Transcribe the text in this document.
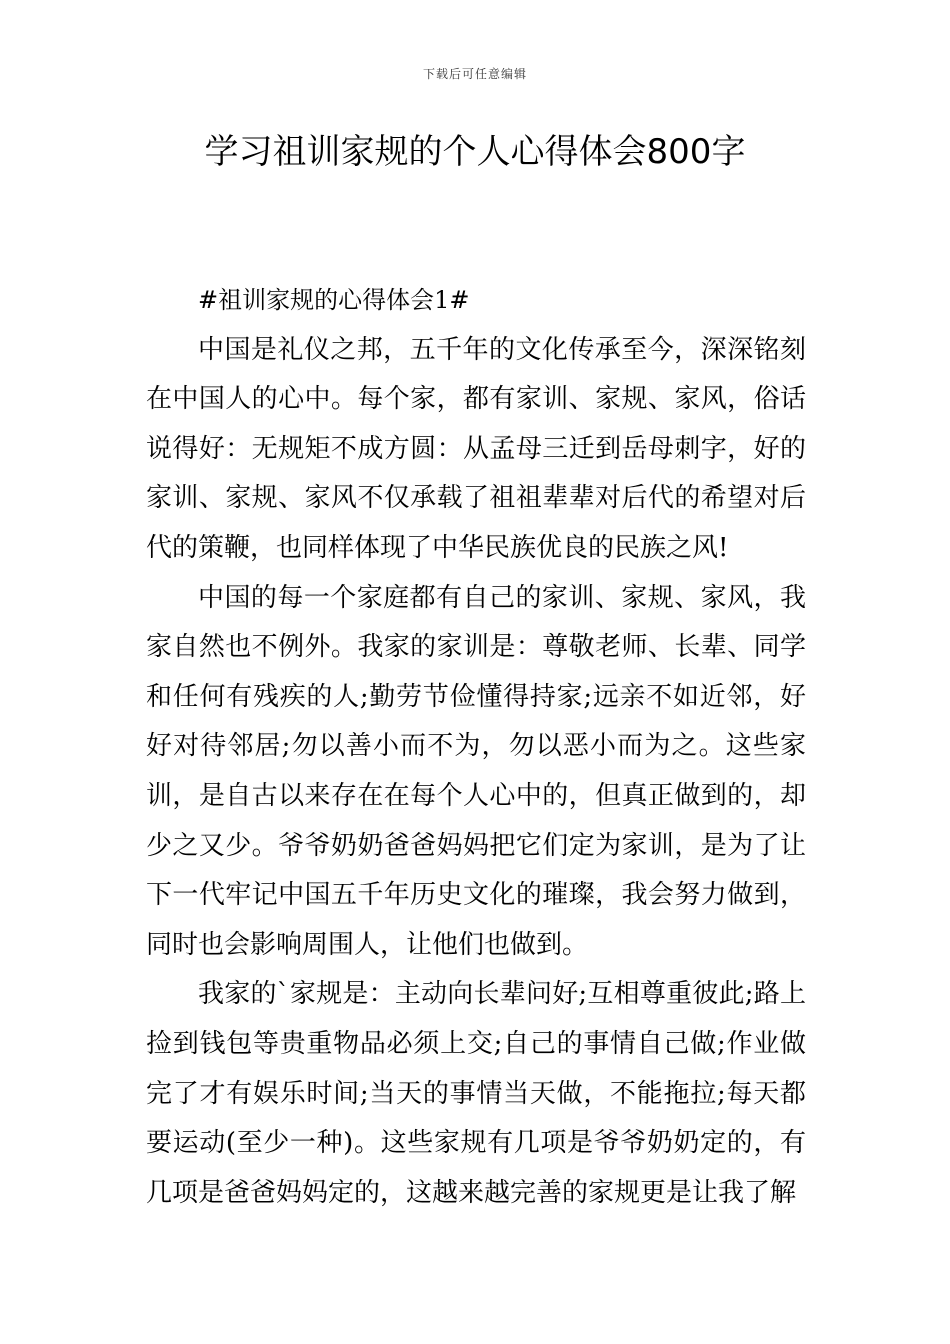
下载后可任意编辑
学习祖训家规的个人心得体会800字

#祖训家规的心得体会1#

中国是礼仪之邦，五千年的文化传承至今，深深铭刻在中国人的心中。每个家，都有家训、家规、家风，俗话说得好：无规矩不成方圆：从孟母三迁到岳母刺字，好的家训、家规、家风不仅承载了祖祖辈辈对后代的希望对后代的策鞭，也同样体现了中华民族优良的民族之风!

中国的每一个家庭都有自己的家训、家规、家风，我家自然也不例外。我家的家训是：尊敬老师、长辈、同学和任何有残疾的人;勤劳节俭懂得持家;远亲不如近邻，好好对待邻居;勿以善小而不为，勿以恶小而为之。这些家训，是自古以来存在在每个人心中的，但真正做到的，却少之又少。爷爷奶奶爸爸妈妈把它们定为家训，是为了让下一代牢记中国五千年历史文化的璀璨，我会努力做到，同时也会影响周围人，让他们也做到。

我家的`家规是：主动向长辈问好;互相尊重彼此;路上捡到钱包等贵重物品必须上交;自己的事情自己做;作业做完了才有娱乐时间;当天的事情当天做，不能拖拉;每天都要运动(至少一种)。这些家规有几项是爷爷奶奶定的，有几项是爸爸妈妈定的，这越来越完善的家规更是让我了解
